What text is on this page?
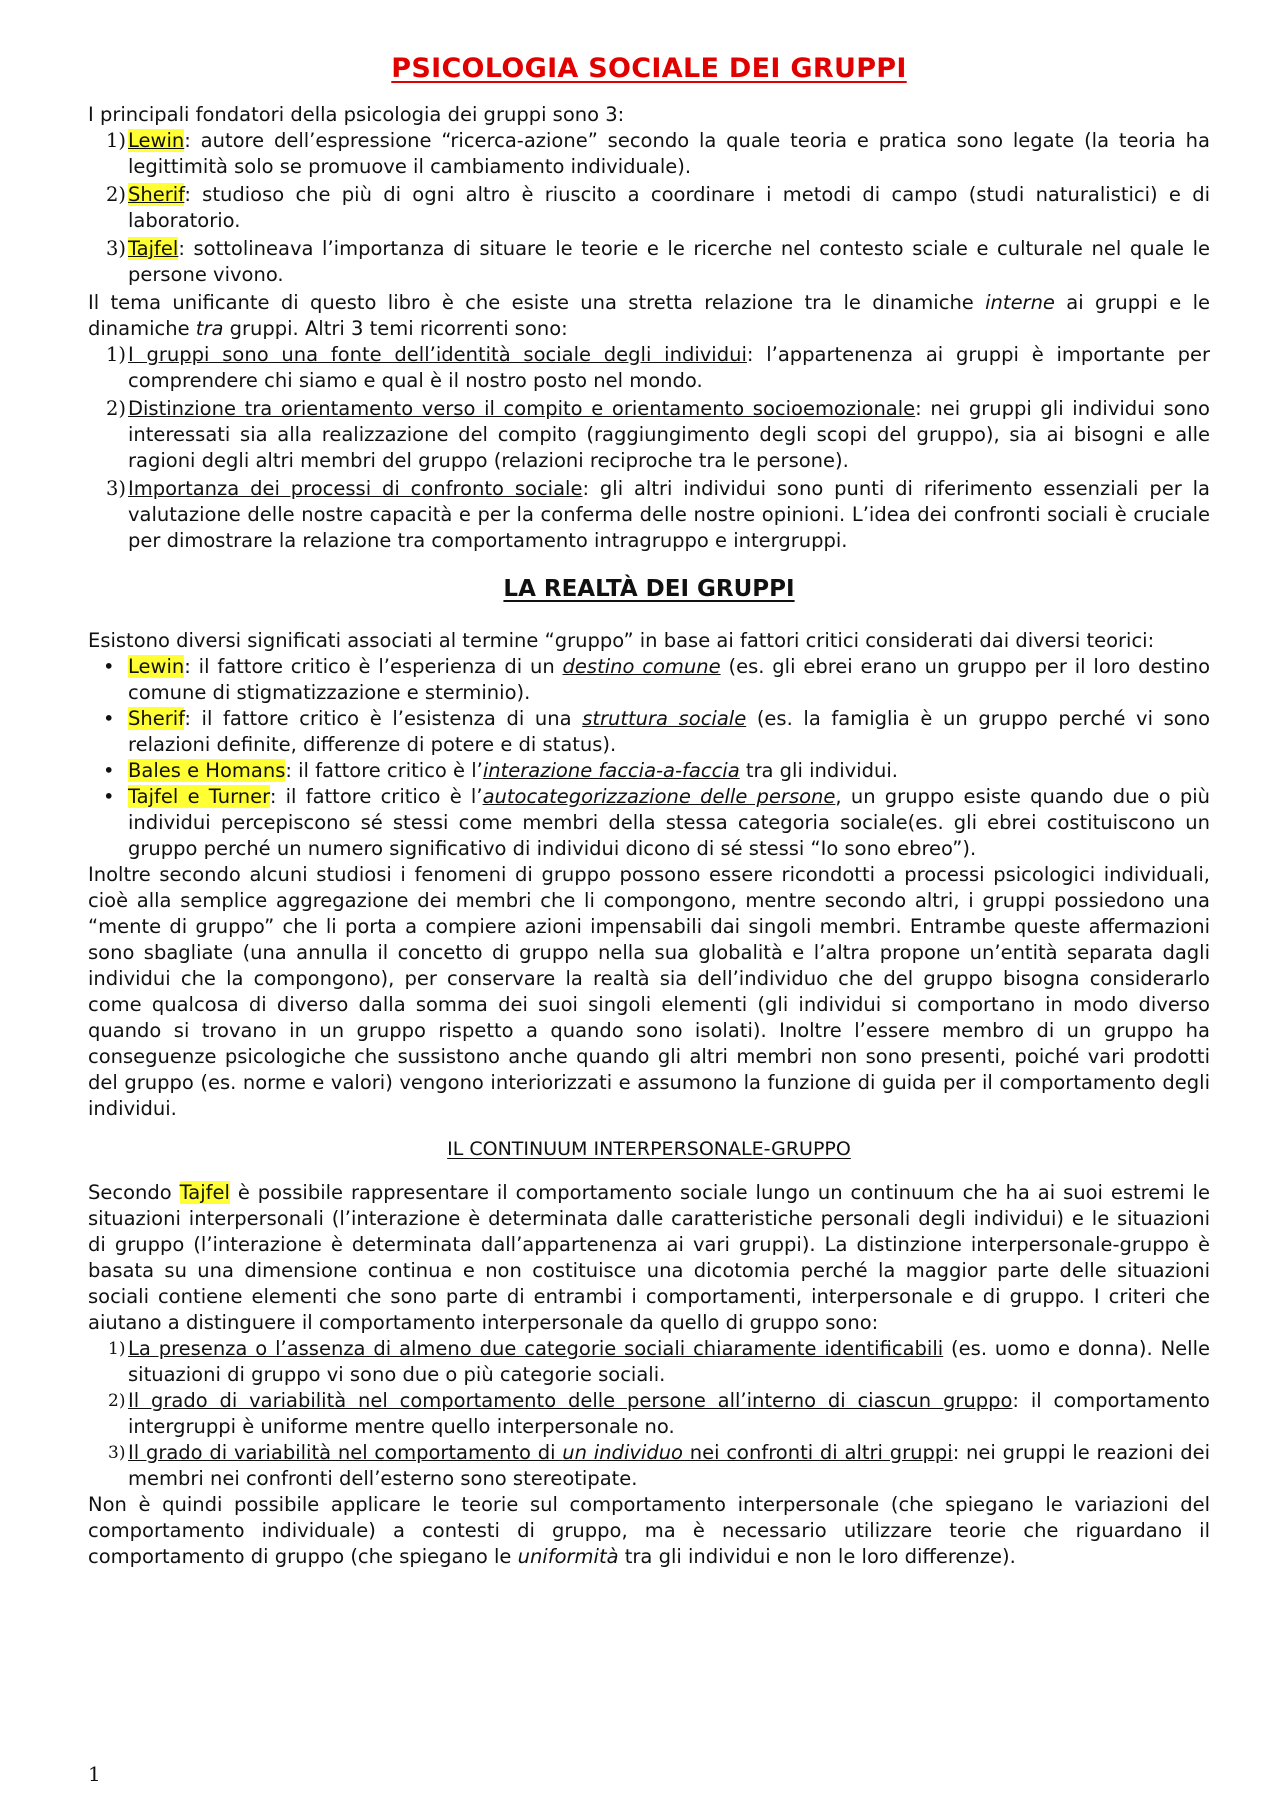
PSICOLOGIA SOCIALE DEI GRUPPI

I principali fondatori della psicologia dei gruppi sono 3:

1) Lewin: autore dell’espressione “ricerca-azione” secondo la quale teoria e pratica sono legate (la teoria ha legittimità solo se promuove il cambiamento individuale).
2) Sherif: studioso che più di ogni altro è riuscito a coordinare i metodi di campo (studi naturalistici) e di laboratorio.
3) Tajfel: sottolineava l’importanza di situare le teorie e le ricerche nel contesto sciale e culturale nel quale le persone vivono.

Il tema unificante di questo libro è che esiste una stretta relazione tra le dinamiche interne ai gruppi e le dinamiche tra gruppi. Altri 3 temi ricorrenti sono:

1) I gruppi sono una fonte dell’identità sociale degli individui: l’appartenenza ai gruppi è importante per comprendere chi siamo e qual è il nostro posto nel mondo.
2) Distinzione tra orientamento verso il compito e orientamento socioemozionale: nei gruppi gli individui sono interessati sia alla realizzazione del compito (raggiungimento degli scopi del gruppo), sia ai bisogni e alle ragioni degli altri membri del gruppo (relazioni reciproche tra le persone).
3) Importanza dei processi di confronto sociale: gli altri individui sono punti di riferimento essenziali per la valutazione delle nostre capacità e per la conferma delle nostre opinioni. L’idea dei confronti sociali è cruciale per dimostrare la relazione tra comportamento intragruppo e intergruppi.
LA REALTÀ DEI GRUPPI

Esistono diversi significati associati al termine “gruppo” in base ai fattori critici considerati dai diversi teorici:

• Lewin: il fattore critico è l’esperienza di un destino comune (es. gli ebrei erano un gruppo per il loro destino comune di stigmatizzazione e sterminio).
• Sherif: il fattore critico è l’esistenza di una struttura sociale (es. la famiglia è un gruppo perché vi sono relazioni definite, differenze di potere e di status).
• Bales e Homans: il fattore critico è l’interazione faccia-a-faccia tra gli individui.
• Tajfel e Turner: il fattore critico è l’autocategorizzazione delle persone, un gruppo esiste quando due o più individui percepiscono sé stessi come membri della stessa categoria sociale(es. gli ebrei costituiscono un gruppo perché un numero significativo di individui dicono di sé stessi “Io sono ebreo”).

Inoltre secondo alcuni studiosi i fenomeni di gruppo possono essere ricondotti a processi psicologici individuali, cioè alla semplice aggregazione dei membri che li compongono, mentre secondo altri, i gruppi possiedono una “mente di gruppo” che li porta a compiere azioni impensabili dai singoli membri. Entrambe queste affermazioni sono sbagliate (una annulla il concetto di gruppo nella sua globalità e l’altra propone un’entità separata dagli individui che la compongono), per conservare la realtà sia dell’individuo che del gruppo bisogna considerarlo come qualcosa di diverso dalla somma dei suoi singoli elementi (gli individui si comportano in modo diverso quando si trovano in un gruppo rispetto a quando sono isolati). Inoltre l’essere membro di un gruppo ha conseguenze psicologiche che sussistono anche quando gli altri membri non sono presenti, poiché vari prodotti del gruppo (es. norme e valori) vengono interiorizzati e assumono la funzione di guida per il comportamento degli individui.

IL CONTINUUM INTERPERSONALE-GRUPPO

Secondo Tajfel è possibile rappresentare il comportamento sociale lungo un continuum che ha ai suoi estremi le situazioni interpersonali (l’interazione è determinata dalle caratteristiche personali degli individui) e le situazioni di gruppo (l’interazione è determinata dall’appartenenza ai vari gruppi). La distinzione interpersonale-gruppo è basata su una dimensione continua e non costituisce una dicotomia perché la maggior parte delle situazioni sociali contiene elementi che sono parte di entrambi i comportamenti, interpersonale e di gruppo. I criteri che aiutano a distinguere il comportamento interpersonale da quello di gruppo sono:

1) La presenza o l’assenza di almeno due categorie sociali chiaramente identificabili (es. uomo e donna). Nelle situazioni di gruppo vi sono due o più categorie sociali.
2) Il grado di variabilità nel comportamento delle persone all’interno di ciascun gruppo: il comportamento intergruppi è uniforme mentre quello interpersonale no.
3) Il grado di variabilità nel comportamento di un individuo nei confronti di altri gruppi: nei gruppi le reazioni dei membri nei confronti dell’esterno sono stereotipate.

Non è quindi possibile applicare le teorie sul comportamento interpersonale (che spiegano le variazioni del comportamento individuale) a contesti di gruppo, ma è necessario utilizzare teorie che riguardano il comportamento di gruppo (che spiegano le uniformità tra gli individui e non le loro differenze).

1
